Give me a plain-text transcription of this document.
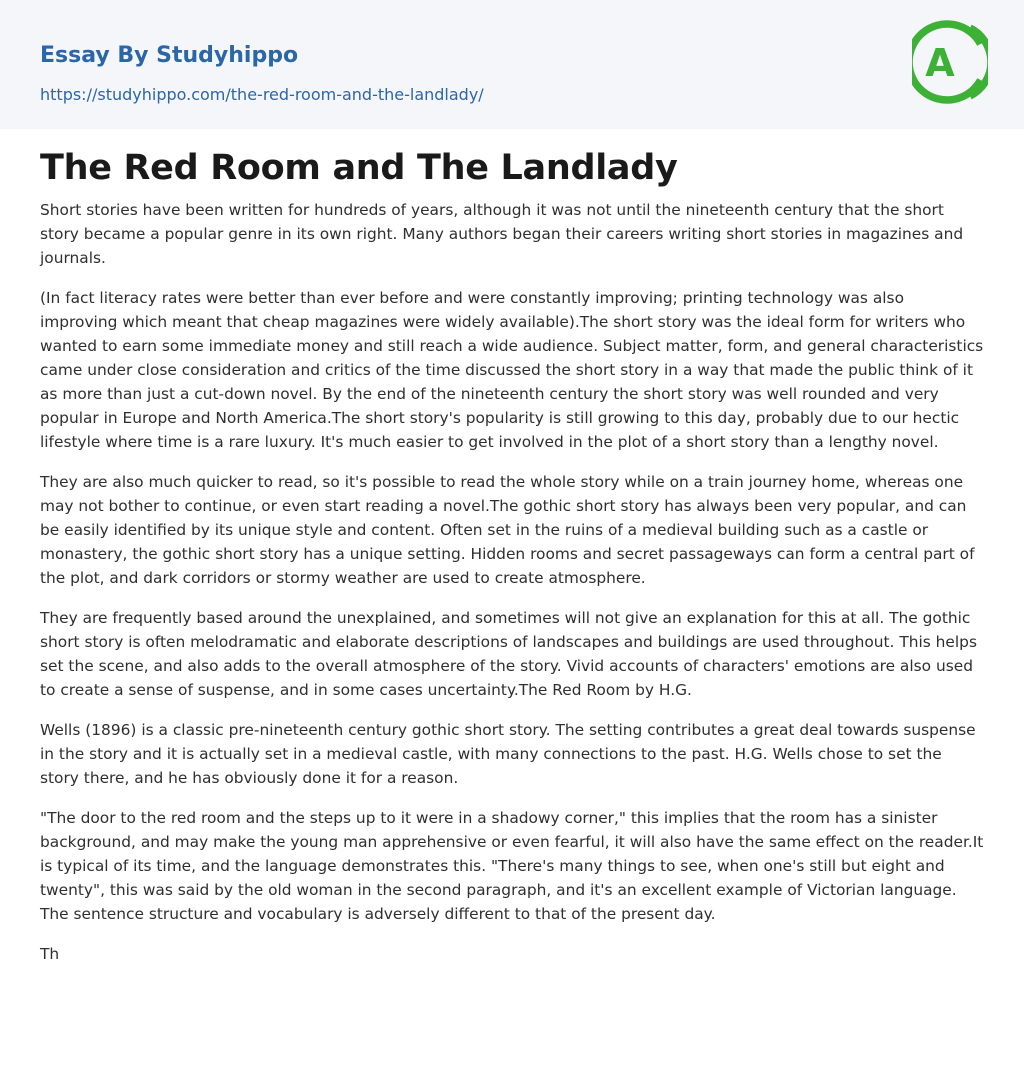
Essay By Studyhippo
https://studyhippo.com/the-red-room-and-the-landlady/
A
The Red Room and The Landlady

Short stories have been written for hundreds of years, although it was not until the nineteenth century that the short story became a popular genre in its own right. Many authors began their careers writing short stories in magazines and journals.

(In fact literacy rates were better than ever before and were constantly improving; printing technology was also improving which meant that cheap magazines were widely available).The short story was the ideal form for writers who wanted to earn some immediate money and still reach a wide audience. Subject matter, form, and general characteristics came under close consideration and critics of the time discussed the short story in a way that made the public think of it as more than just a cut-down novel. By the end of the nineteenth century the short story was well rounded and very popular in Europe and North America.The short story's popularity is still growing to this day, probably due to our hectic lifestyle where time is a rare luxury. It's much easier to get involved in the plot of a short story than a lengthy novel.

They are also much quicker to read, so it's possible to read the whole story while on a train journey home, whereas one may not bother to continue, or even start reading a novel.The gothic short story has always been very popular, and can be easily identified by its unique style and content. Often set in the ruins of a medieval building such as a castle or monastery, the gothic short story has a unique setting. Hidden rooms and secret passageways can form a central part of the plot, and dark corridors or stormy weather are used to create atmosphere.

They are frequently based around the unexplained, and sometimes will not give an explanation for this at all. The gothic short story is often melodramatic and elaborate descriptions of landscapes and buildings are used throughout. This helps set the scene, and also adds to the overall atmosphere of the story. Vivid accounts of characters' emotions are also used to create a sense of suspense, and in some cases uncertainty.The Red Room by H.G.

Wells (1896) is a classic pre-nineteenth century gothic short story. The setting contributes a great deal towards suspense in the story and it is actually set in a medieval castle, with many connections to the past. H.G. Wells chose to set the story there, and he has obviously done it for a reason.

"The door to the red room and the steps up to it were in a shadowy corner," this implies that the room has a sinister background, and may make the young man apprehensive or even fearful, it will also have the same effect on the reader.It is typical of its time, and the language demonstrates this. "There's many things to see, when one's still but eight and twenty", this was said by the old woman in the second paragraph, and it's an excellent example of Victorian language. The sentence structure and vocabulary is adversely different to that of the present day.

Th
